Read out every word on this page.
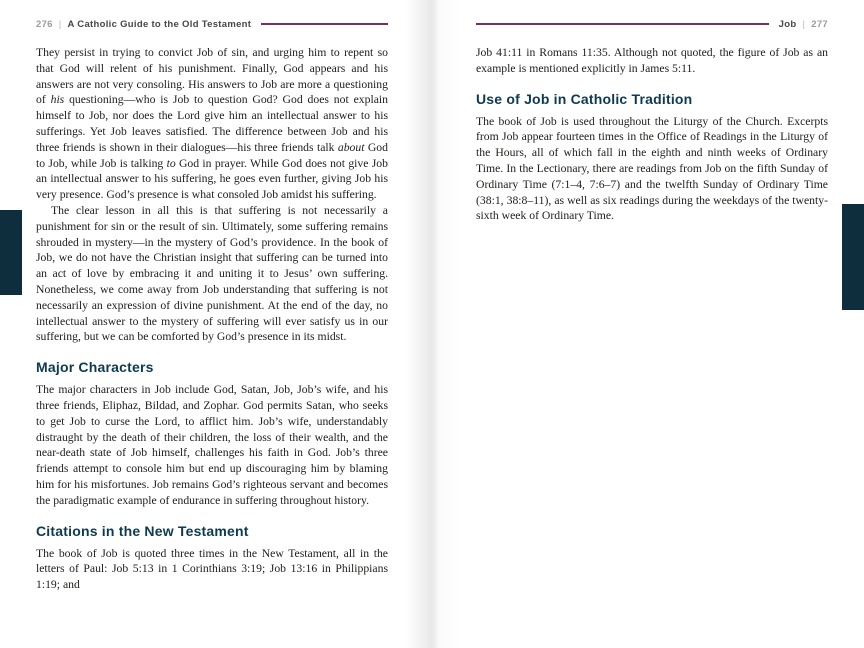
276 | A Catholic Guide to the Old Testament

They persist in trying to convict Job of sin, and urging him to repent so that God will relent of his punishment. Finally, God appears and his answers are not very consoling. His answers to Job are more a questioning of his questioning—who is Job to question God? God does not explain himself to Job, nor does the Lord give him an intellectual answer to his sufferings. Yet Job leaves satisfied. The difference between Job and his three friends is shown in their dialogues—his three friends talk about God to Job, while Job is talking to God in prayer. While God does not give Job an intellectual answer to his suffering, he goes even further, giving Job his very presence. God’s presence is what consoled Job amidst his suffering.

The clear lesson in all this is that suffering is not necessarily a punishment for sin or the result of sin. Ultimately, some suffering remains shrouded in mystery—in the mystery of God’s providence. In the book of Job, we do not have the Christian insight that suffering can be turned into an act of love by embracing it and uniting it to Jesus’ own suffering. Nonetheless, we come away from Job understanding that suffering is not necessarily an expression of divine punishment. At the end of the day, no intellectual answer to the mystery of suffering will ever satisfy us in our suffering, but we can be comforted by God’s presence in its midst.

Major Characters

The major characters in Job include God, Satan, Job, Job’s wife, and his three friends, Eliphaz, Bildad, and Zophar. God permits Satan, who seeks to get Job to curse the Lord, to afflict him. Job’s wife, understandably distraught by the death of their children, the loss of their wealth, and the near-death state of Job himself, challenges his faith in God. Job’s three friends attempt to console him but end up discouraging him by blaming him for his misfortunes. Job remains God’s righteous servant and becomes the paradigmatic example of endurance in suffering throughout history.

Citations in the New Testament

The book of Job is quoted three times in the New Testament, all in the letters of Paul: Job 5:13 in 1 Corinthians 3:19; Job 13:16 in Philippians 1:19; and

Job | 277

Job 41:11 in Romans 11:35. Although not quoted, the figure of Job as an example is mentioned explicitly in James 5:11.

Use of Job in Catholic Tradition

The book of Job is used throughout the Liturgy of the Church. Excerpts from Job appear fourteen times in the Office of Readings in the Liturgy of the Hours, all of which fall in the eighth and ninth weeks of Ordinary Time. In the Lectionary, there are readings from Job on the fifth Sunday of Ordinary Time (7:1–4, 7:6–7) and the twelfth Sunday of Ordinary Time (38:1, 38:8–11), as well as six readings during the weekdays of the twenty-sixth week of Ordinary Time.
